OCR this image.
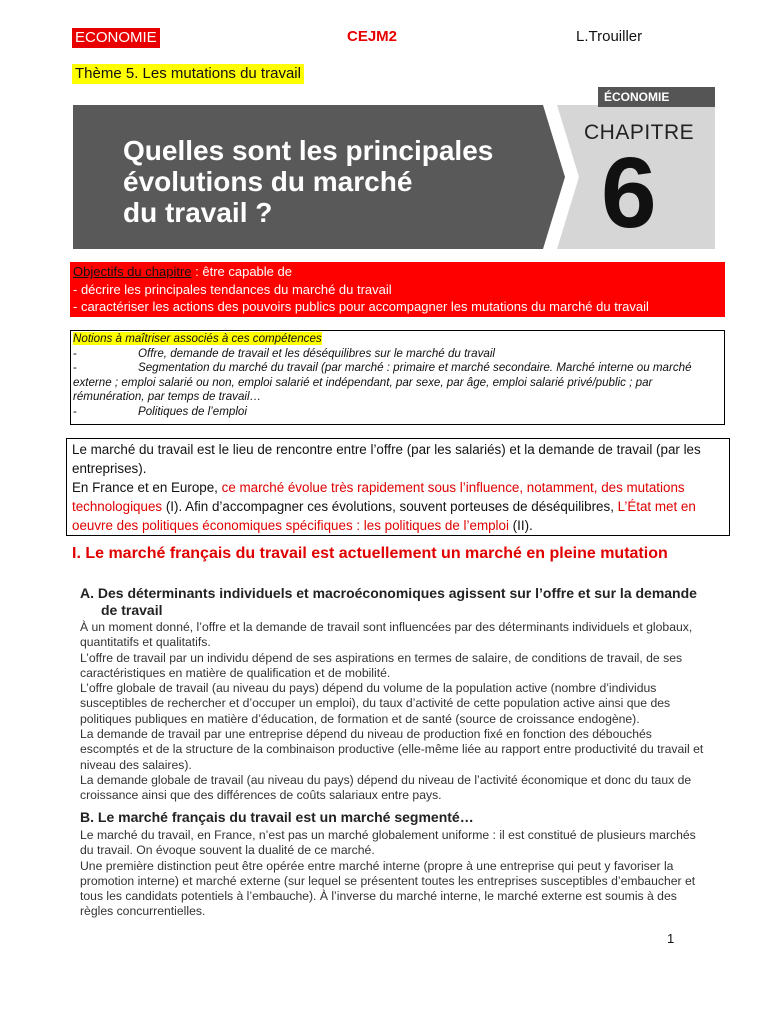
ECONOMIE	CEJM2	L.Trouiller
Thème 5. Les mutations du travail
ÉCONOMIE
Quelles sont les principales
évolutions du marché
du travail ?
CHAPITRE
6
Objectifs du chapitre : être capable de
- décrire les principales tendances du marché du travail
- caractériser les actions des pouvoirs publics pour accompagner les mutations du marché du travail
Notions à maîtriser associés à ces compétences
-	Offre, demande de travail et les déséquilibres sur le marché du travail
-	Segmentation du marché du travail (par marché : primaire et marché secondaire. Marché interne ou marché
externe ; emploi salarié ou non, emploi salarié et indépendant, par sexe, par âge, emploi salarié privé/public ; par rémunération, par temps de travail…
-	Politiques de l’emploi
Le marché du travail est le lieu de rencontre entre l’offre (par les salariés) et la demande de travail (par les entreprises).
En France et en Europe, ce marché évolue très rapidement sous l’influence, notamment, des mutations technologiques (I). Afin d’accompagner ces évolutions, souvent porteuses de déséquilibres, L’État met en oeuvre des politiques économiques spécifiques : les politiques de l’emploi (II).
I. Le marché français du travail est actuellement un marché en pleine mutation
A. Des déterminants individuels et macroéconomiques agissent sur l’offre et sur la demande
de travail
À un moment donné, l’offre et la demande de travail sont influencées par des déterminants individuels et globaux, quantitatifs et qualitatifs.
L’offre de travail par un individu dépend de ses aspirations en termes de salaire, de conditions de travail, de ses caractéristiques en matière de qualification et de mobilité.
L’offre globale de travail (au niveau du pays) dépend du volume de la population active (nombre d’individus susceptibles de rechercher et d’occuper un emploi), du taux d’activité de cette population active ainsi que des politiques publiques en matière d’éducation, de formation et de santé (source de croissance endogène).
La demande de travail par une entreprise dépend du niveau de production fixé en fonction des débouchés escomptés et de la structure de la combinaison productive (elle-même liée au rapport entre productivité du travail et niveau des salaires).
La demande globale de travail (au niveau du pays) dépend du niveau de l’activité économique et donc du taux de croissance ainsi que des différences de coûts salariaux entre pays.
B. Le marché français du travail est un marché segmenté…
Le marché du travail, en France, n’est pas un marché globalement uniforme : il est constitué de plusieurs marchés du travail. On évoque souvent la dualité de ce marché.
Une première distinction peut être opérée entre marché interne (propre à une entreprise qui peut y favoriser la promotion interne) et marché externe (sur lequel se présentent toutes les entreprises susceptibles d’embaucher et tous les candidats potentiels à l’embauche). À l’inverse du marché interne, le marché externe est soumis à des règles concurrentielles.
1
